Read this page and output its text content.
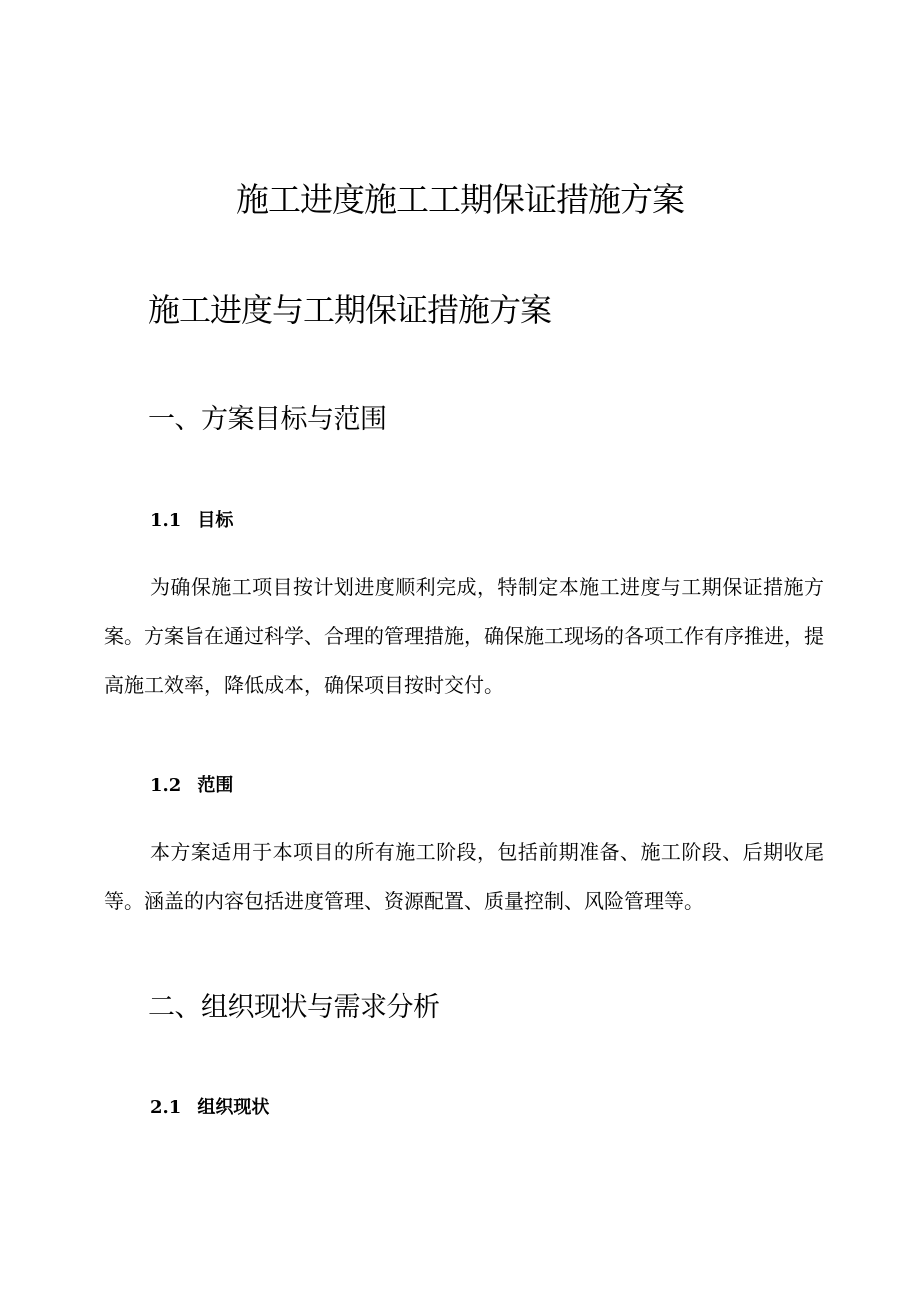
施工进度施工工期保证措施方案
施工进度与工期保证措施方案
一、方案目标与范围
1.1 目标

为确保施工项目按计划进度顺利完成，特制定本施工进度与工期保证措施方案。方案旨在通过科学、合理的管理措施，确保施工现场的各项工作有序推进，提高施工效率，降低成本，确保项目按时交付。

1.2 范围

本方案适用于本项目的所有施工阶段，包括前期准备、施工阶段、后期收尾等。涵盖的内容包括进度管理、资源配置、质量控制、风险管理等。

二、组织现状与需求分析
2.1 组织现状
